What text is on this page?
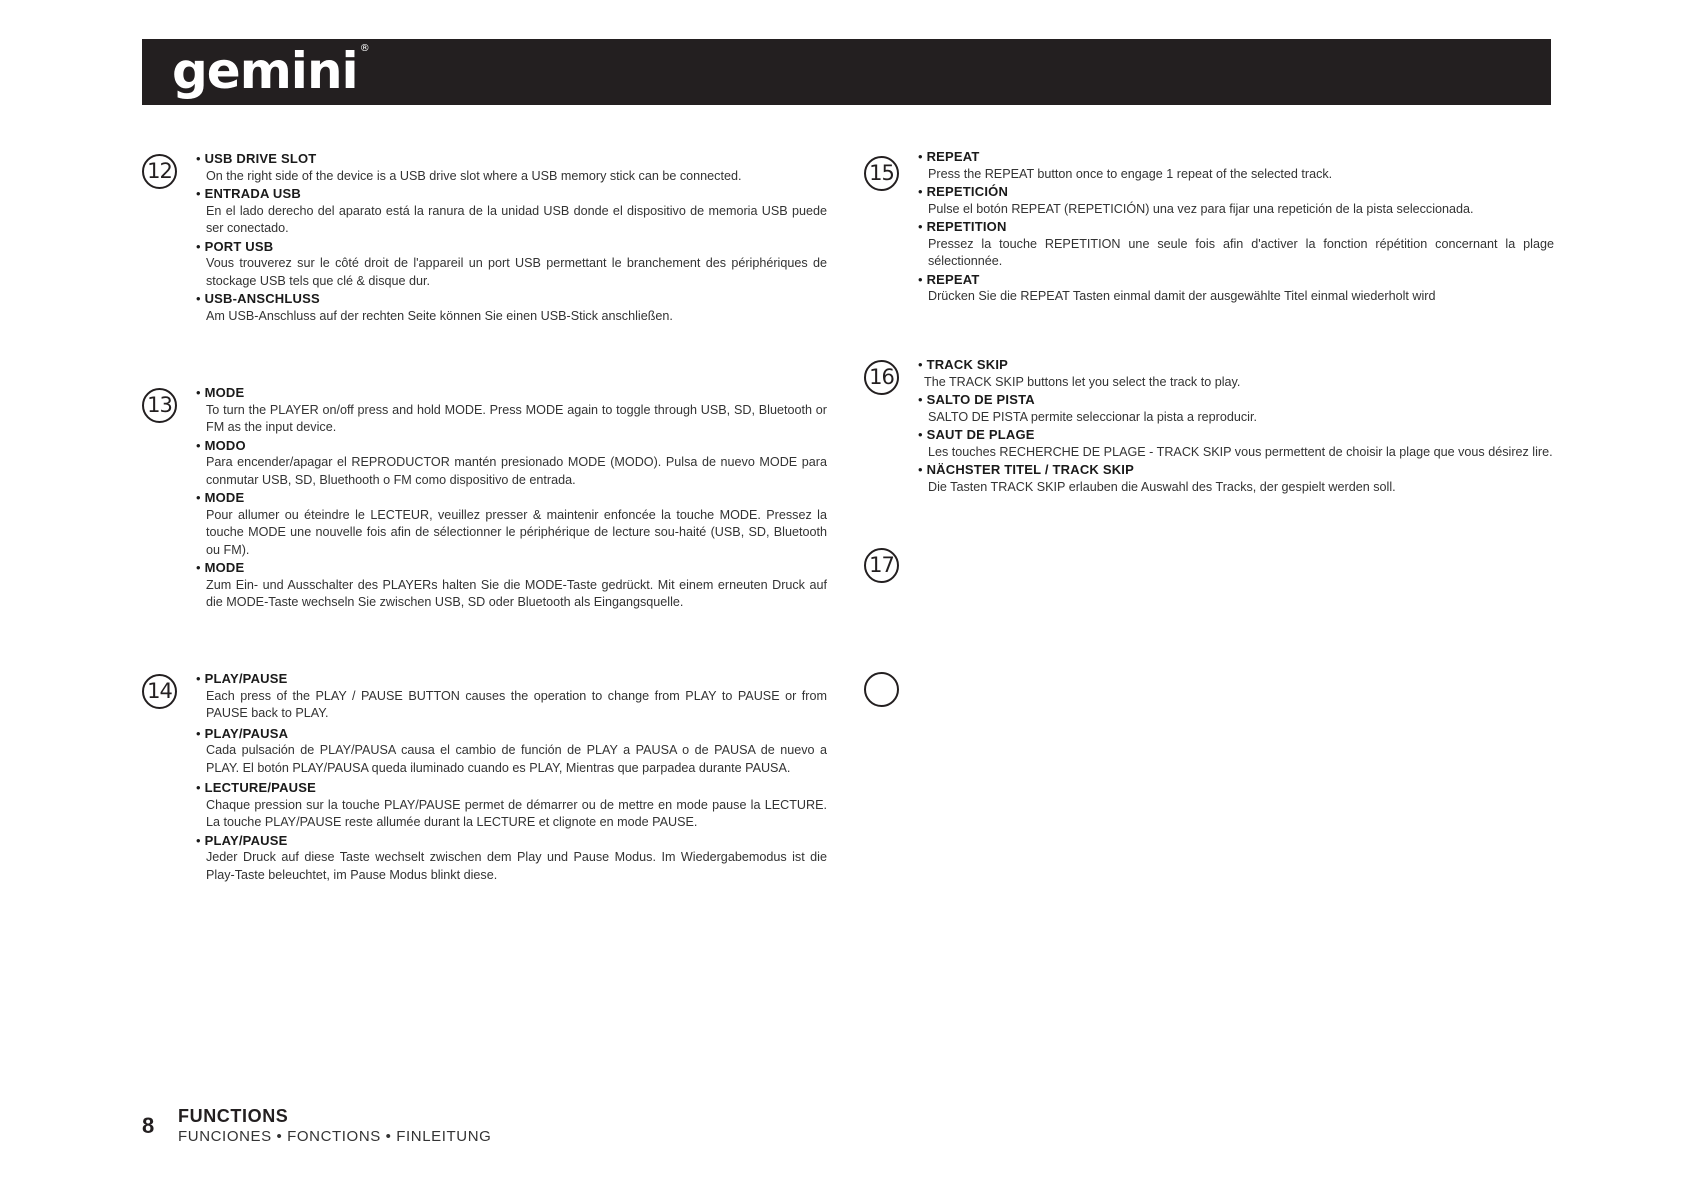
gemini ®
12
• USB DRIVE SLOT
On the right side of the device is a USB drive slot where a USB memory stick can be connected.
• ENTRADA USB
En el lado derecho del aparato está la ranura de la unidad USB donde el dispositivo de memoria USB puede ser conectado.
• PORT USB
Vous trouverez sur le côté droit de l'appareil un port USB permettant le branchement des périphériques de stockage USB tels que clé & disque dur.
• USB-ANSCHLUSS
Am USB-Anschluss auf der rechten Seite können Sie einen USB-Stick anschließen.
13
• MODE
To turn the PLAYER on/off press and hold MODE. Press MODE again to toggle through USB, SD, Bluetooth or FM as the input device.
• MODO
Para encender/apagar el REPRODUCTOR mantén presionado MODE (MODO). Pulsa de nuevo MODE para conmutar USB, SD, Bluethooth o FM como dispositivo de entrada.
• MODE
Pour allumer ou éteindre le LECTEUR, veuillez presser & maintenir enfoncée la touche MODE. Pressez la touche MODE une nouvelle fois afin de sélectionner le périphérique de lecture sou-haité (USB, SD, Bluetooth ou FM).
• MODE
Zum Ein- und Ausschalter des PLAYERs halten Sie die MODE-Taste gedrückt. Mit einem erneuten Druck auf die MODE-Taste wechseln Sie zwischen USB, SD oder Bluetooth als Eingangsquelle.
14
• PLAY/PAUSE
Each press of the PLAY / PAUSE BUTTON causes the operation to change from PLAY to PAUSE or from PAUSE back to PLAY.
• PLAY/PAUSA
Cada pulsación de PLAY/PAUSA causa el cambio de función de PLAY a PAUSA o de PAUSA de nuevo a PLAY. El botón PLAY/PAUSA queda iluminado cuando es PLAY, Mientras que parpadea durante PAUSA.
• LECTURE/PAUSE
Chaque pression sur la touche PLAY/PAUSE permet de démarrer ou de mettre en mode pause la LECTURE. La touche PLAY/PAUSE reste allumée durant la LECTURE et clignote en mode PAUSE.
• PLAY/PAUSE
Jeder Druck auf diese Taste wechselt zwischen dem Play und Pause Modus. Im Wiedergabemodus ist die Play-Taste beleuchtet, im Pause Modus blinkt diese.
15
• REPEAT
Press the REPEAT button once to engage 1 repeat of the selected track.
• REPETICIÓN
Pulse el botón REPEAT (REPETICIÓN) una vez para fijar una repetición de la pista seleccionada.
• REPETITION
Pressez la touche REPETITION une seule fois afin d'activer la fonction répétition concernant la plage sélectionnée.
• REPEAT
Drücken Sie die REPEAT Tasten einmal damit der ausgewählte Titel einmal wiederholt wird
16
• TRACK SKIP
The TRACK SKIP buttons let you select the track to play.
• SALTO DE PISTA
SALTO DE PISTA permite seleccionar la pista a reproducir.
• SAUT DE PLAGE
Les touches RECHERCHE DE PLAGE - TRACK SKIP vous permettent de choisir la plage que vous désirez lire.
• NÄCHSTER TITEL / TRACK SKIP
Die Tasten TRACK SKIP erlauben die Auswahl des Tracks, der gespielt werden soll.
17
8 FUNCTIONS
FUNCIONES • FONCTIONS • FINLEITUNG
